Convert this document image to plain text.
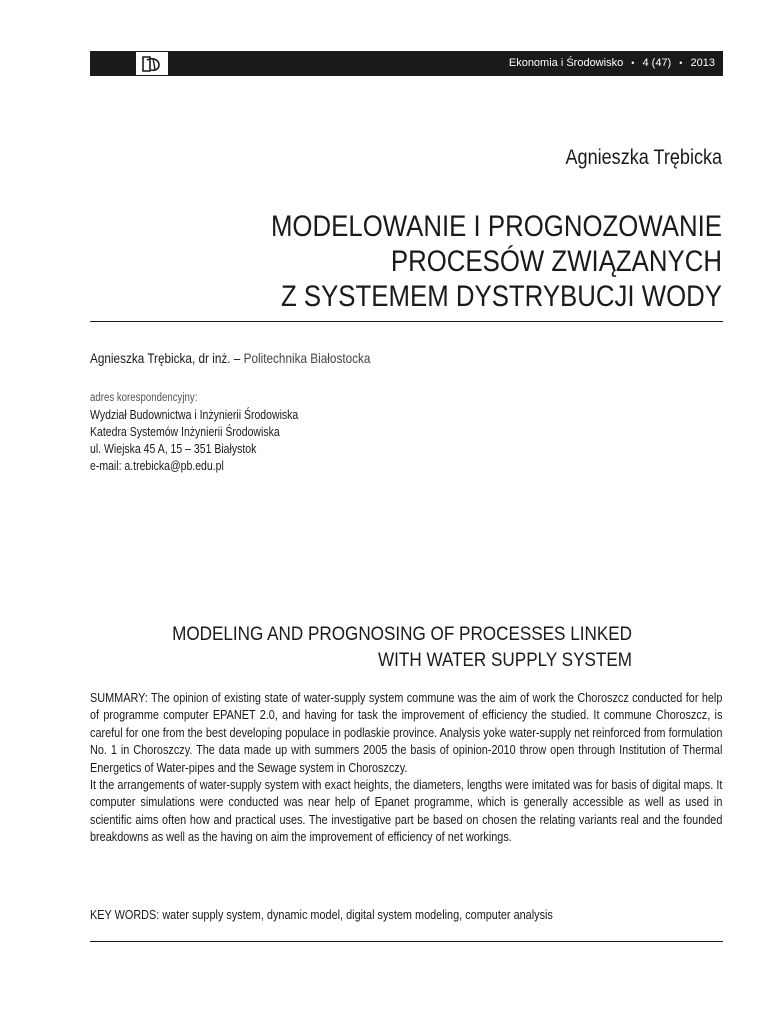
Ekonomia i Środowisko • 4 (47) • 2013
Agnieszka Trębicka
MODELOWANIE I PROGNOZOWANIE
PROCESÓW ZWIĄZANYCH
Z SYSTEMEM DYSTRYBUCJI WODY
Agnieszka Trębicka, dr inż. – Politechnika Białostocka
adres korespondencyjny:
Wydział Budownictwa i Inżynierii Środowiska
Katedra Systemów Inżynierii Środowiska
ul. Wiejska 45 A, 15 – 351 Białystok
e-mail: a.trebicka@pb.edu.pl
MODELING AND PROGNOSING OF PROCESSES LINKED
WITH WATER SUPPLY SYSTEM

SUMMARY: The opinion of existing state of water-supply system commune was the aim of work the Choroszcz conducted for help of programme computer EPANET 2.0, and having for task the improvement of efficiency the studied. It commune Choroszcz, is careful for one from the best developing populace in podlaskie province. Analysis yoke water-supply net reinforced from formulation No. 1 in Choroszczy. The data made up with summers 2005 the basis of opinion-2010 throw open through Institution of Thermal Energetics of Water-pipes and the Sewage system in Choroszczy.

It the arrangements of water-supply system with exact heights, the diameters, lengths were imitated was for basis of digital maps. It computer simulations were conducted was near help of Epanet programme, which is generally accessible as well as used in scientific aims often how and practical uses. The investigative part be based on chosen the relating variants real and the founded breakdowns as well as the having on aim the improvement of efficiency of net workings.

KEY WORDS: water supply system, dynamic model, digital system modeling, computer analysis
